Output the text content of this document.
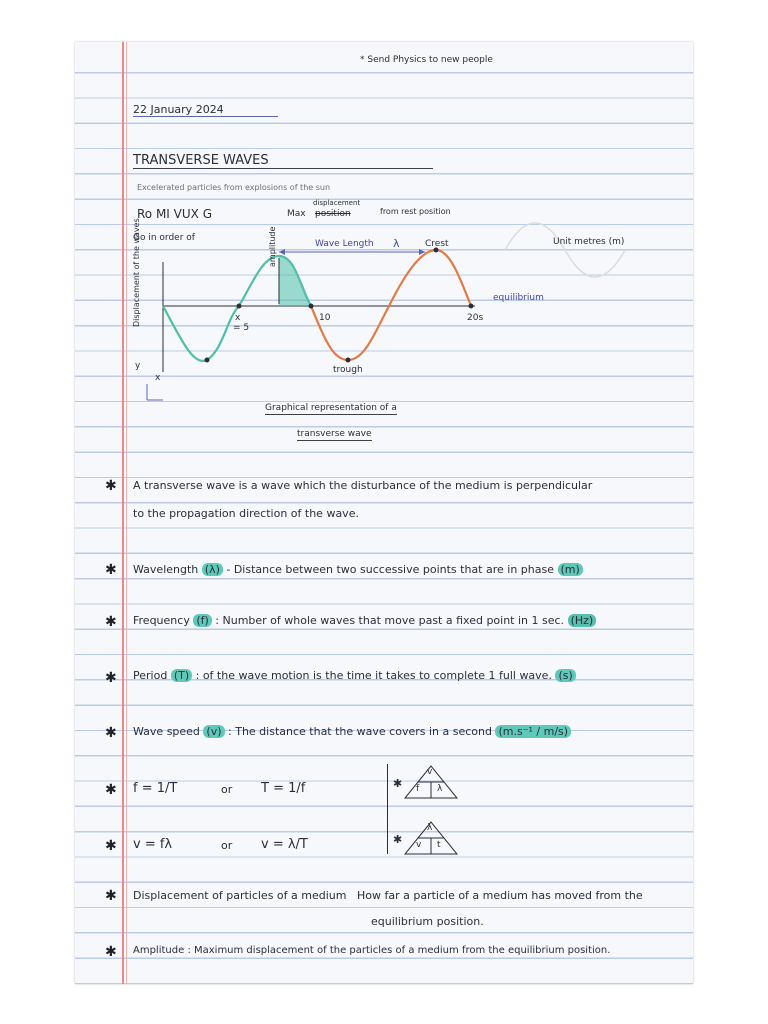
* Send Physics to new people
22 January 2024
TRANSVERSE WAVES
Excelerated particles from explosions of the sun
Ro MI VUX G	Max position
displacement
from rest position
Go in order of
Wave Length λ	Crest	Unit metres (m)
equilibrium
amplitude
Displacement of the waves	x
= 5
10	20s
trough
y
x
Graphical representation of a
transverse wave
✱ A transverse wave is a wave which the disturbance of the medium is perpendicular
to the propagation direction of the wave.
✱ Wavelength (λ) - Distance between two successive points that are in phase (m)
✱ Frequency (f) : Number of whole waves that move past a fixed point in 1 sec. (Hz)
✱ Period (T) : of the wave motion is the time it takes to complete 1 full wave. (s)
✱ Wave speed (v) : The distance that the wave covers in a second (m.s⁻¹ / m/s)
✱ f = 1/T	or T = 1/f
✱ v = fλ	or v = λ/T
✱
v
f λ
✱
λ
v t
✱ Displacement of particles of a medium How far a particle of a medium has moved from the
equilibrium position.
✱ Amplitude : Maximum displacement of the particles of a medium from the equilibrium position.
